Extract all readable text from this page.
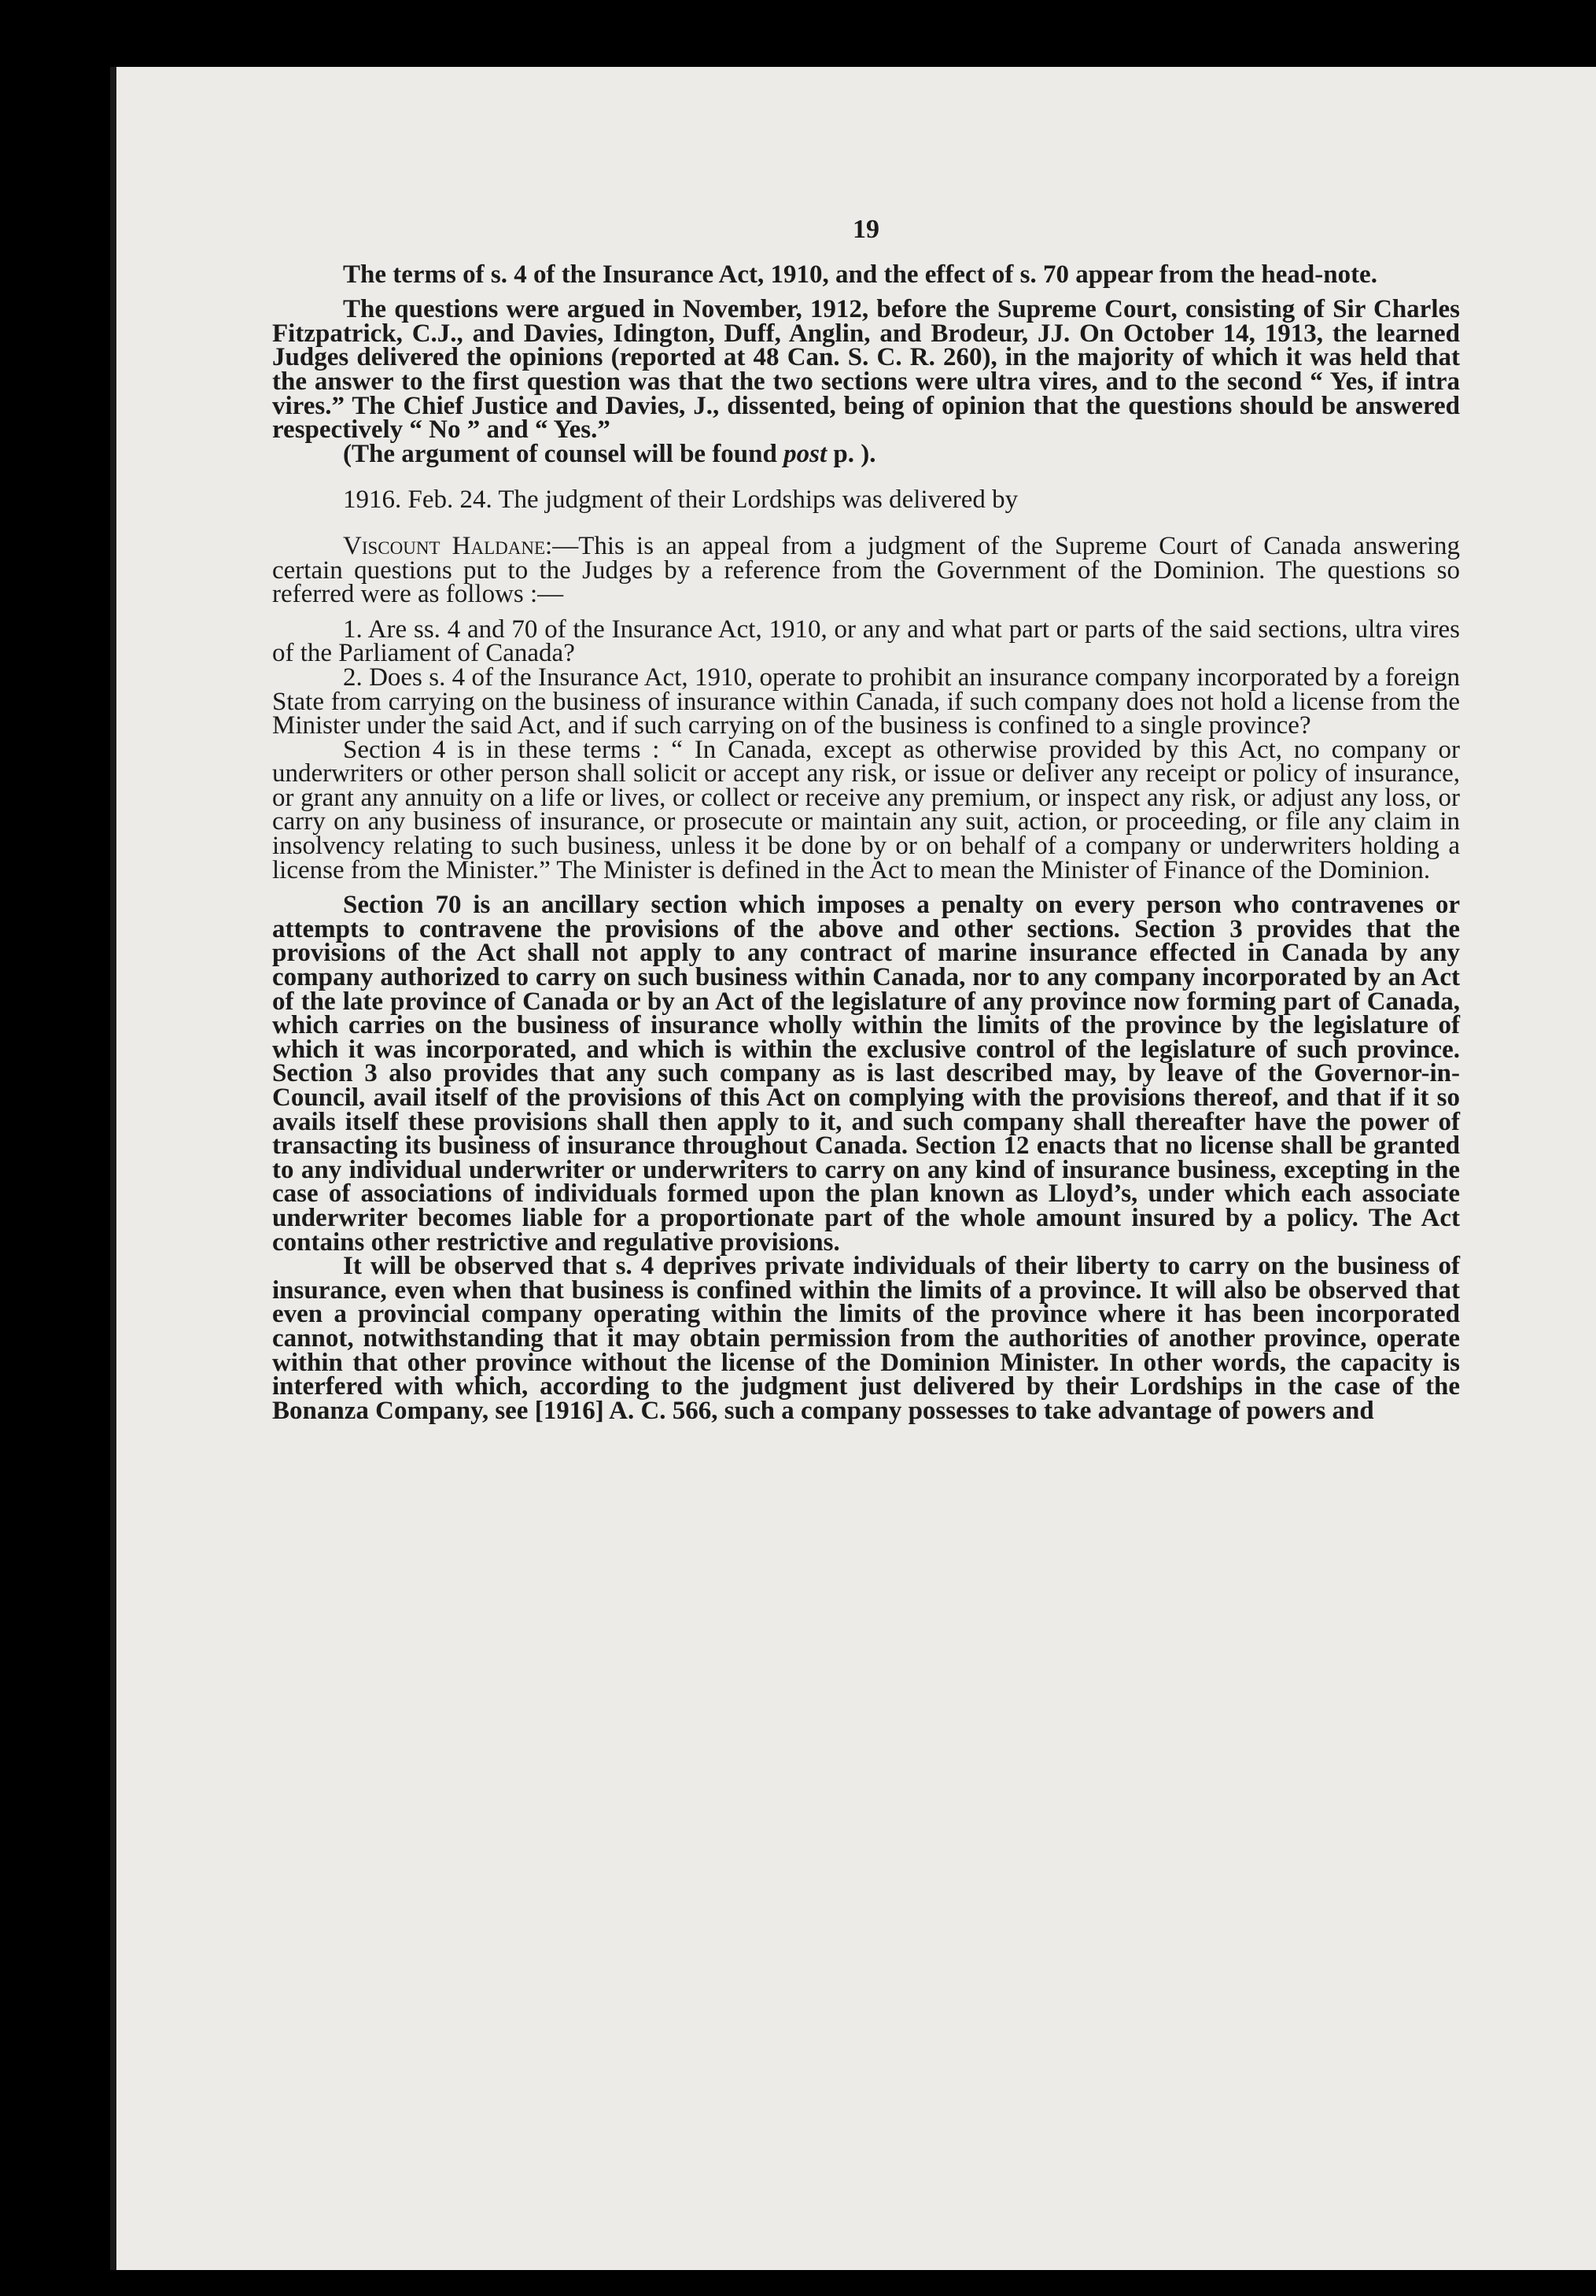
19

The terms of s. 4 of the Insurance Act, 1910, and the effect of s. 70 appear from the head-note.

The questions were argued in November, 1912, before the Supreme Court, consisting of Sir Charles Fitzpatrick, C.J., and Davies, Idington, Duff, Anglin, and Brodeur, JJ. On October 14, 1913, the learned Judges delivered the opinions (reported at 48 Can. S. C. R. 260), in the majority of which it was held that the answer to the first question was that the two sections were ultra vires, and to the second “ Yes, if intra vires.” The Chief Justice and Davies, J., dissented, being of opinion that the questions should be answered respectively “ No ” and “ Yes.”

(The argument of counsel will be found post p. ).

1916. Feb. 24. The judgment of their Lordships was delivered by

Viscount Haldane:—This is an appeal from a judgment of the Supreme Court of Canada answering certain questions put to the Judges by a reference from the Government of the Dominion. The questions so referred were as follows :—

1. Are ss. 4 and 70 of the Insurance Act, 1910, or any and what part or parts of the said sections, ultra vires of the Parliament of Canada?

2. Does s. 4 of the Insurance Act, 1910, operate to prohibit an insurance company incorporated by a foreign State from carrying on the business of insurance within Canada, if such company does not hold a license from the Minister under the said Act, and if such carrying on of the business is confined to a single province?

Section 4 is in these terms : “ In Canada, except as otherwise provided by this Act, no company or underwriters or other person shall solicit or accept any risk, or issue or deliver any receipt or policy of insurance, or grant any annuity on a life or lives, or collect or receive any premium, or inspect any risk, or adjust any loss, or carry on any business of insurance, or prosecute or maintain any suit, action, or proceeding, or file any claim in insolvency relating to such business, unless it be done by or on behalf of a company or underwriters holding a license from the Minister.” The Minister is defined in the Act to mean the Minister of Finance of the Dominion.

Section 70 is an ancillary section which imposes a penalty on every person who contravenes or attempts to contravene the provisions of the above and other sections. Section 3 provides that the provisions of the Act shall not apply to any contract of marine insurance effected in Canada by any company authorized to carry on such business within Canada, nor to any company incorporated by an Act of the late province of Canada or by an Act of the legislature of any province now forming part of Canada, which carries on the business of insurance wholly within the limits of the province by the legislature of which it was incorporated, and which is within the exclusive control of the legislature of such province. Section 3 also provides that any such company as is last described may, by leave of the Governor-in-Council, avail itself of the provisions of this Act on complying with the provisions thereof, and that if it so avails itself these provisions shall then apply to it, and such company shall thereafter have the power of transacting its business of insurance throughout Canada. Section 12 enacts that no license shall be granted to any individual underwriter or underwriters to carry on any kind of insurance business, excepting in the case of associations of individuals formed upon the plan known as Lloyd’s, under which each associate underwriter becomes liable for a proportionate part of the whole amount insured by a policy. The Act contains other restrictive and regulative provisions.

It will be observed that s. 4 deprives private individuals of their liberty to carry on the business of insurance, even when that business is confined within the limits of a province. It will also be observed that even a provincial company operating within the limits of the province where it has been incorporated cannot, notwithstanding that it may obtain permission from the authorities of another province, operate within that other province without the license of the Dominion Minister. In other words, the capacity is interfered with which, according to the judgment just delivered by their Lordships in the case of the Bonanza Company, see [1916] A. C. 566, such a company possesses to take advantage of powers and
